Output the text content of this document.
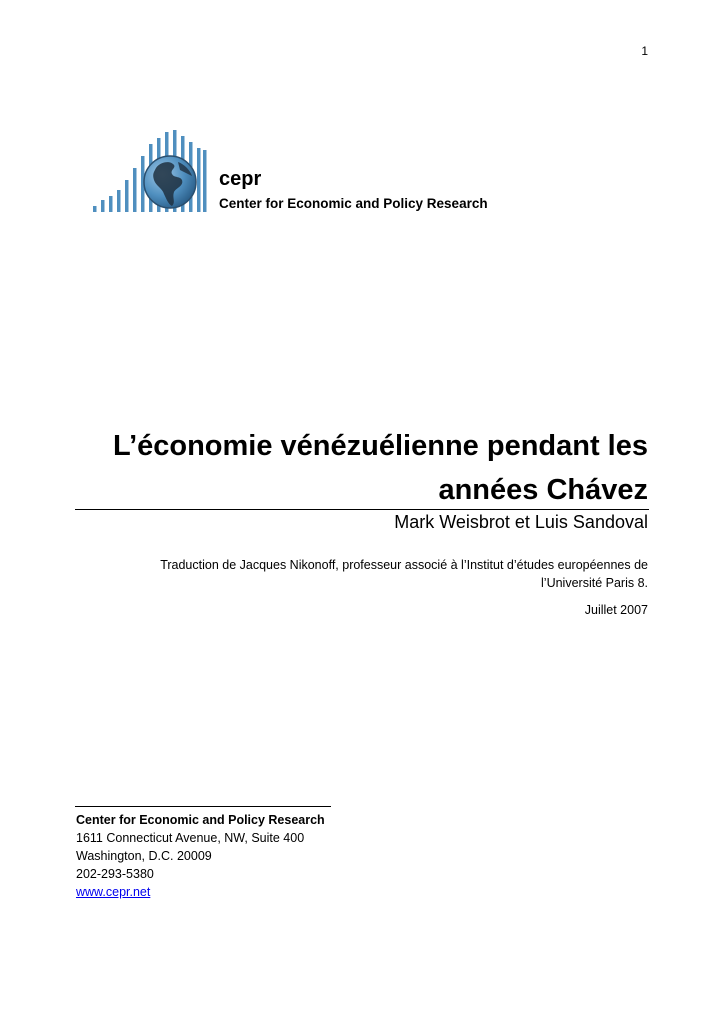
1
cepr
Center for Economic and Policy Research
L’économie vénézuélienne pendant les
années Chávez
Mark Weisbrot et Luis Sandoval
Traduction de Jacques Nikonoff, professeur associé à l’Institut d’études européennes de
l’Université Paris 8.
Juillet 2007
Center for Economic and Policy Research
1611 Connecticut Avenue, NW, Suite 400
Washington, D.C. 20009
202-293-5380
www.cepr.net
